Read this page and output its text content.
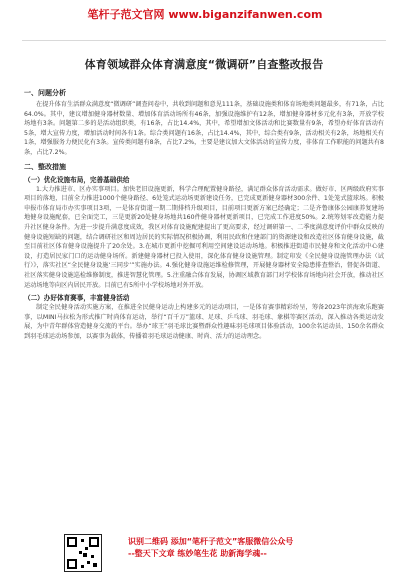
笔杆子范文官网 www.biganzifanwen.com
体育领域群众体育满意度“微调研”自查整改报告
一、问题分析

在提升体育生活群众满意度“微调研”调查问卷中，共收到问题和意见111条，基础设施类和体育场地类问题最多，有71条，占比64.0%。其中，建议增加健身器材数量、增加体育活动场所有46条，加强设施维护有12条，增加健身器材多元化有3条，开放学校场地有3条。问题第二多的是活动组织类，有16条，占比14.4%，其中，希望增加文体活动和比赛数量有9条，希望办好体育活动有5条，增大宣传力度，增加活动时间各有1条。综合类问题有16条，占比14.4%，其中，综合类有9条，活动相关有2条，场地相关有1条，增强服务力便民化有3条。宣传类问题有8条，占比7.2%，主要是建议加大文体活动的宣传力度，非体育工作职能的问题共有8条，占比7.2%。

二、整改措施
（一）优化设施布局，完善基础供给

1.大力推进市、区办实事项目。加快老旧设施更新，科学合理配置健身路径，满足群众体育活动需求。做好市、区两级政府实事项目的落地，目前全力推进1000个健身路径、6处笼式运动场更新建设任务，已完成更新健身器材300余件、1处笼式篮球场。积极申报市体育局市办实事项目3项，一是体育街道一期二期排档升级项目，目前项目更新方案已经确定；二是齐鲁康体公园康养复建场地健身设施配套，已全面完工，三是更新20处健身场地共160件健身器材更新项目，已完成工作进度50%。2.统筹划零改造能力提升社区健身条件。为进一步提升满意度成效，我区对体育设施配建提出了更高要求，经过调研第一、二季度满意度评价中群众反映的健身设施短缺的问题，结合调研社区和周边居民的实际情况积极协调，利用民政和住建部门的资源建设和改造社区体育健身设施，截至目前社区体育健身设施提升了20余处。3.在城市更新中挖掘可利用空间建设运动场地。积极推进街道市民健身和文化活动中心建设，打造居民家门口的运动健身场所。新建健身器材已投入使用，深化体育健身设施管理。制定印发《全民健身设施管理办法（试行）》，落实社区“全民健身设施‘三同步’”实施办法。4.强化健身设施运维检修管理，开展健身器材安全隐患排查整治，督促各街道、社区落实健身设施巡检维修制度，推进智慧化管理。5.注重融合体育发展，协调区域教育部门对学校体育场地向社会开放，推动社区运动场地等向区内居民开放。目前已有5所中小学校场地对外开放。

（二）办好体育赛事，丰富健身活动

制定全民健身活动实施方案，在推进全民健身运动上构建多元的运动项目，一是体育赛事精彩纷呈，筹备2023年滨海欢乐跑赛事，以MINI马拉松为形式推广时尚体育运动，举行“百千万”篮球、足球、乒乓球、羽毛球、象棋等赛区活动，深入推动各类运动发展，为中青年群体营造健身交流的平台。举办“球王”羽毛球比赛暨群众性趣味羽毛球项目体验活动，100余名运动员、150余名群众到羽毛球运动场参加，以赛事为载体，传播着羽毛球运动健康、时尚、活力的运动理念。

识别二维码 添加“笔杆子范文”客服微信公众号
--整天下文章 练妙笔生花 助新海学魂--
